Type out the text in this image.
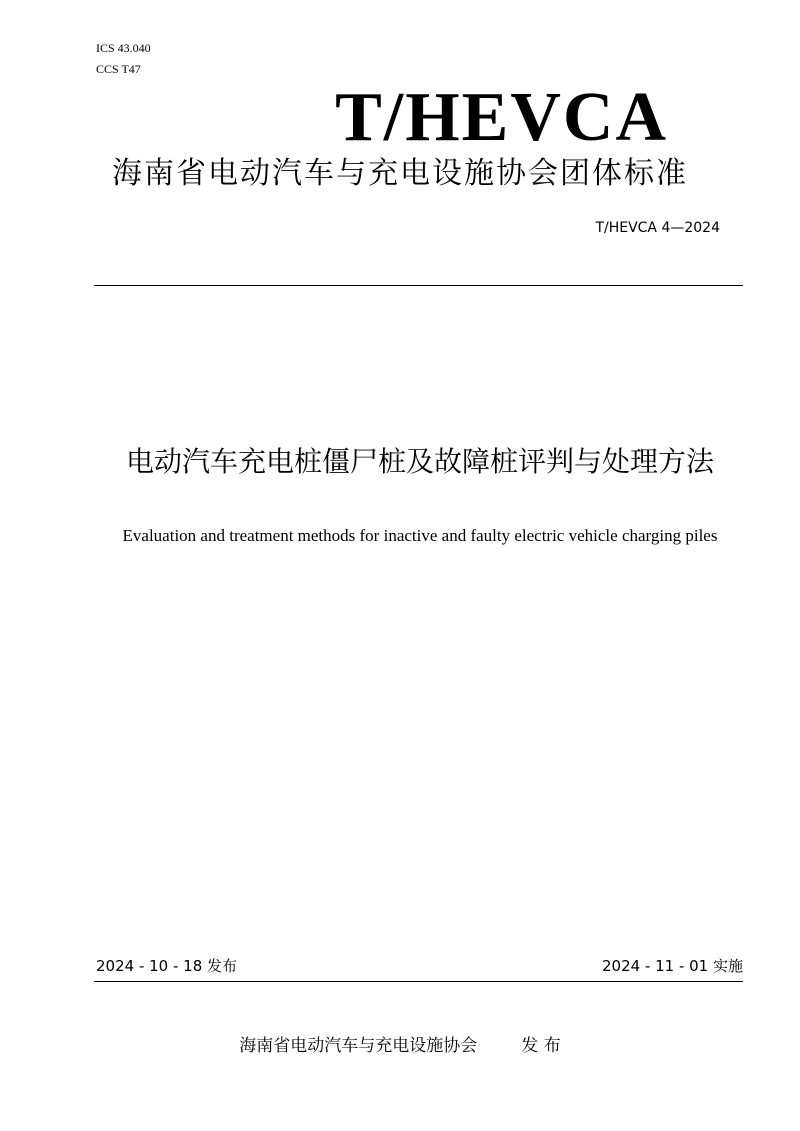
ICS 43.040
CCS T47
T/HEVCA
海南省电动汽车与充电设施协会团体标准
T/HEVCA 4—2024
电动汽车充电桩僵尸桩及故障桩评判与处理方法
Evaluation and treatment methods for inactive and faulty electric vehicle charging piles
2024 - 10 - 18 发布	2024 - 11 - 01 实施
海南省电动汽车与充电设施协会	发 布
